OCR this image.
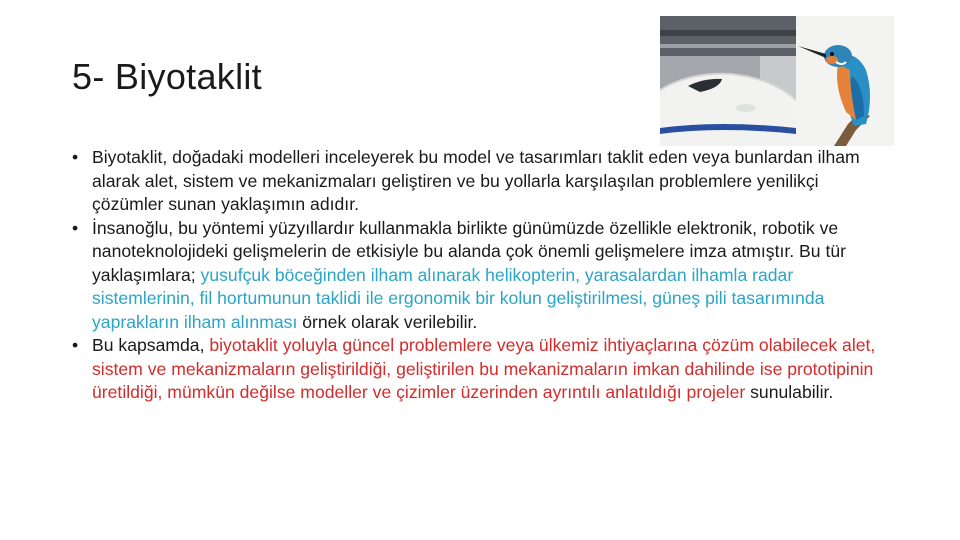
5- Biyotaklit
• Biyotaklit, doğadaki modelleri inceleyerek bu model ve tasarımları taklit eden veya bunlardan ilham alarak alet, sistem ve mekanizmaları geliştiren ve bu yollarla karşılaşılan problemlere yenilikçi çözümler sunan yaklaşımın adıdır.
• İnsanoğlu, bu yöntemi yüzyıllardır kullanmakla birlikte günümüzde özellikle elektronik, robotik ve nanoteknolojideki gelişmelerin de etkisiyle bu alanda çok önemli gelişmelere imza atmıştır. Bu tür yaklaşımlara; yusufçuk böceğinden ilham alınarak helikopterin, yarasalardan ilhamla radar sistemlerinin, fil hortumunun taklidi ile ergonomik bir kolun geliştirilmesi, güneş pili tasarımında yaprakların ilham alınması örnek olarak verilebilir.
• Bu kapsamda, biyotaklit yoluyla güncel problemlere veya ülkemiz ihtiyaçlarına çözüm olabilecek alet, sistem ve mekanizmaların geliştirildiği, geliştirilen bu mekanizmaların imkan dahilinde ise prototipinin üretildiği, mümkün değilse modeller ve çizimler üzerinden ayrıntılı anlatıldığı projeler sunulabilir.
